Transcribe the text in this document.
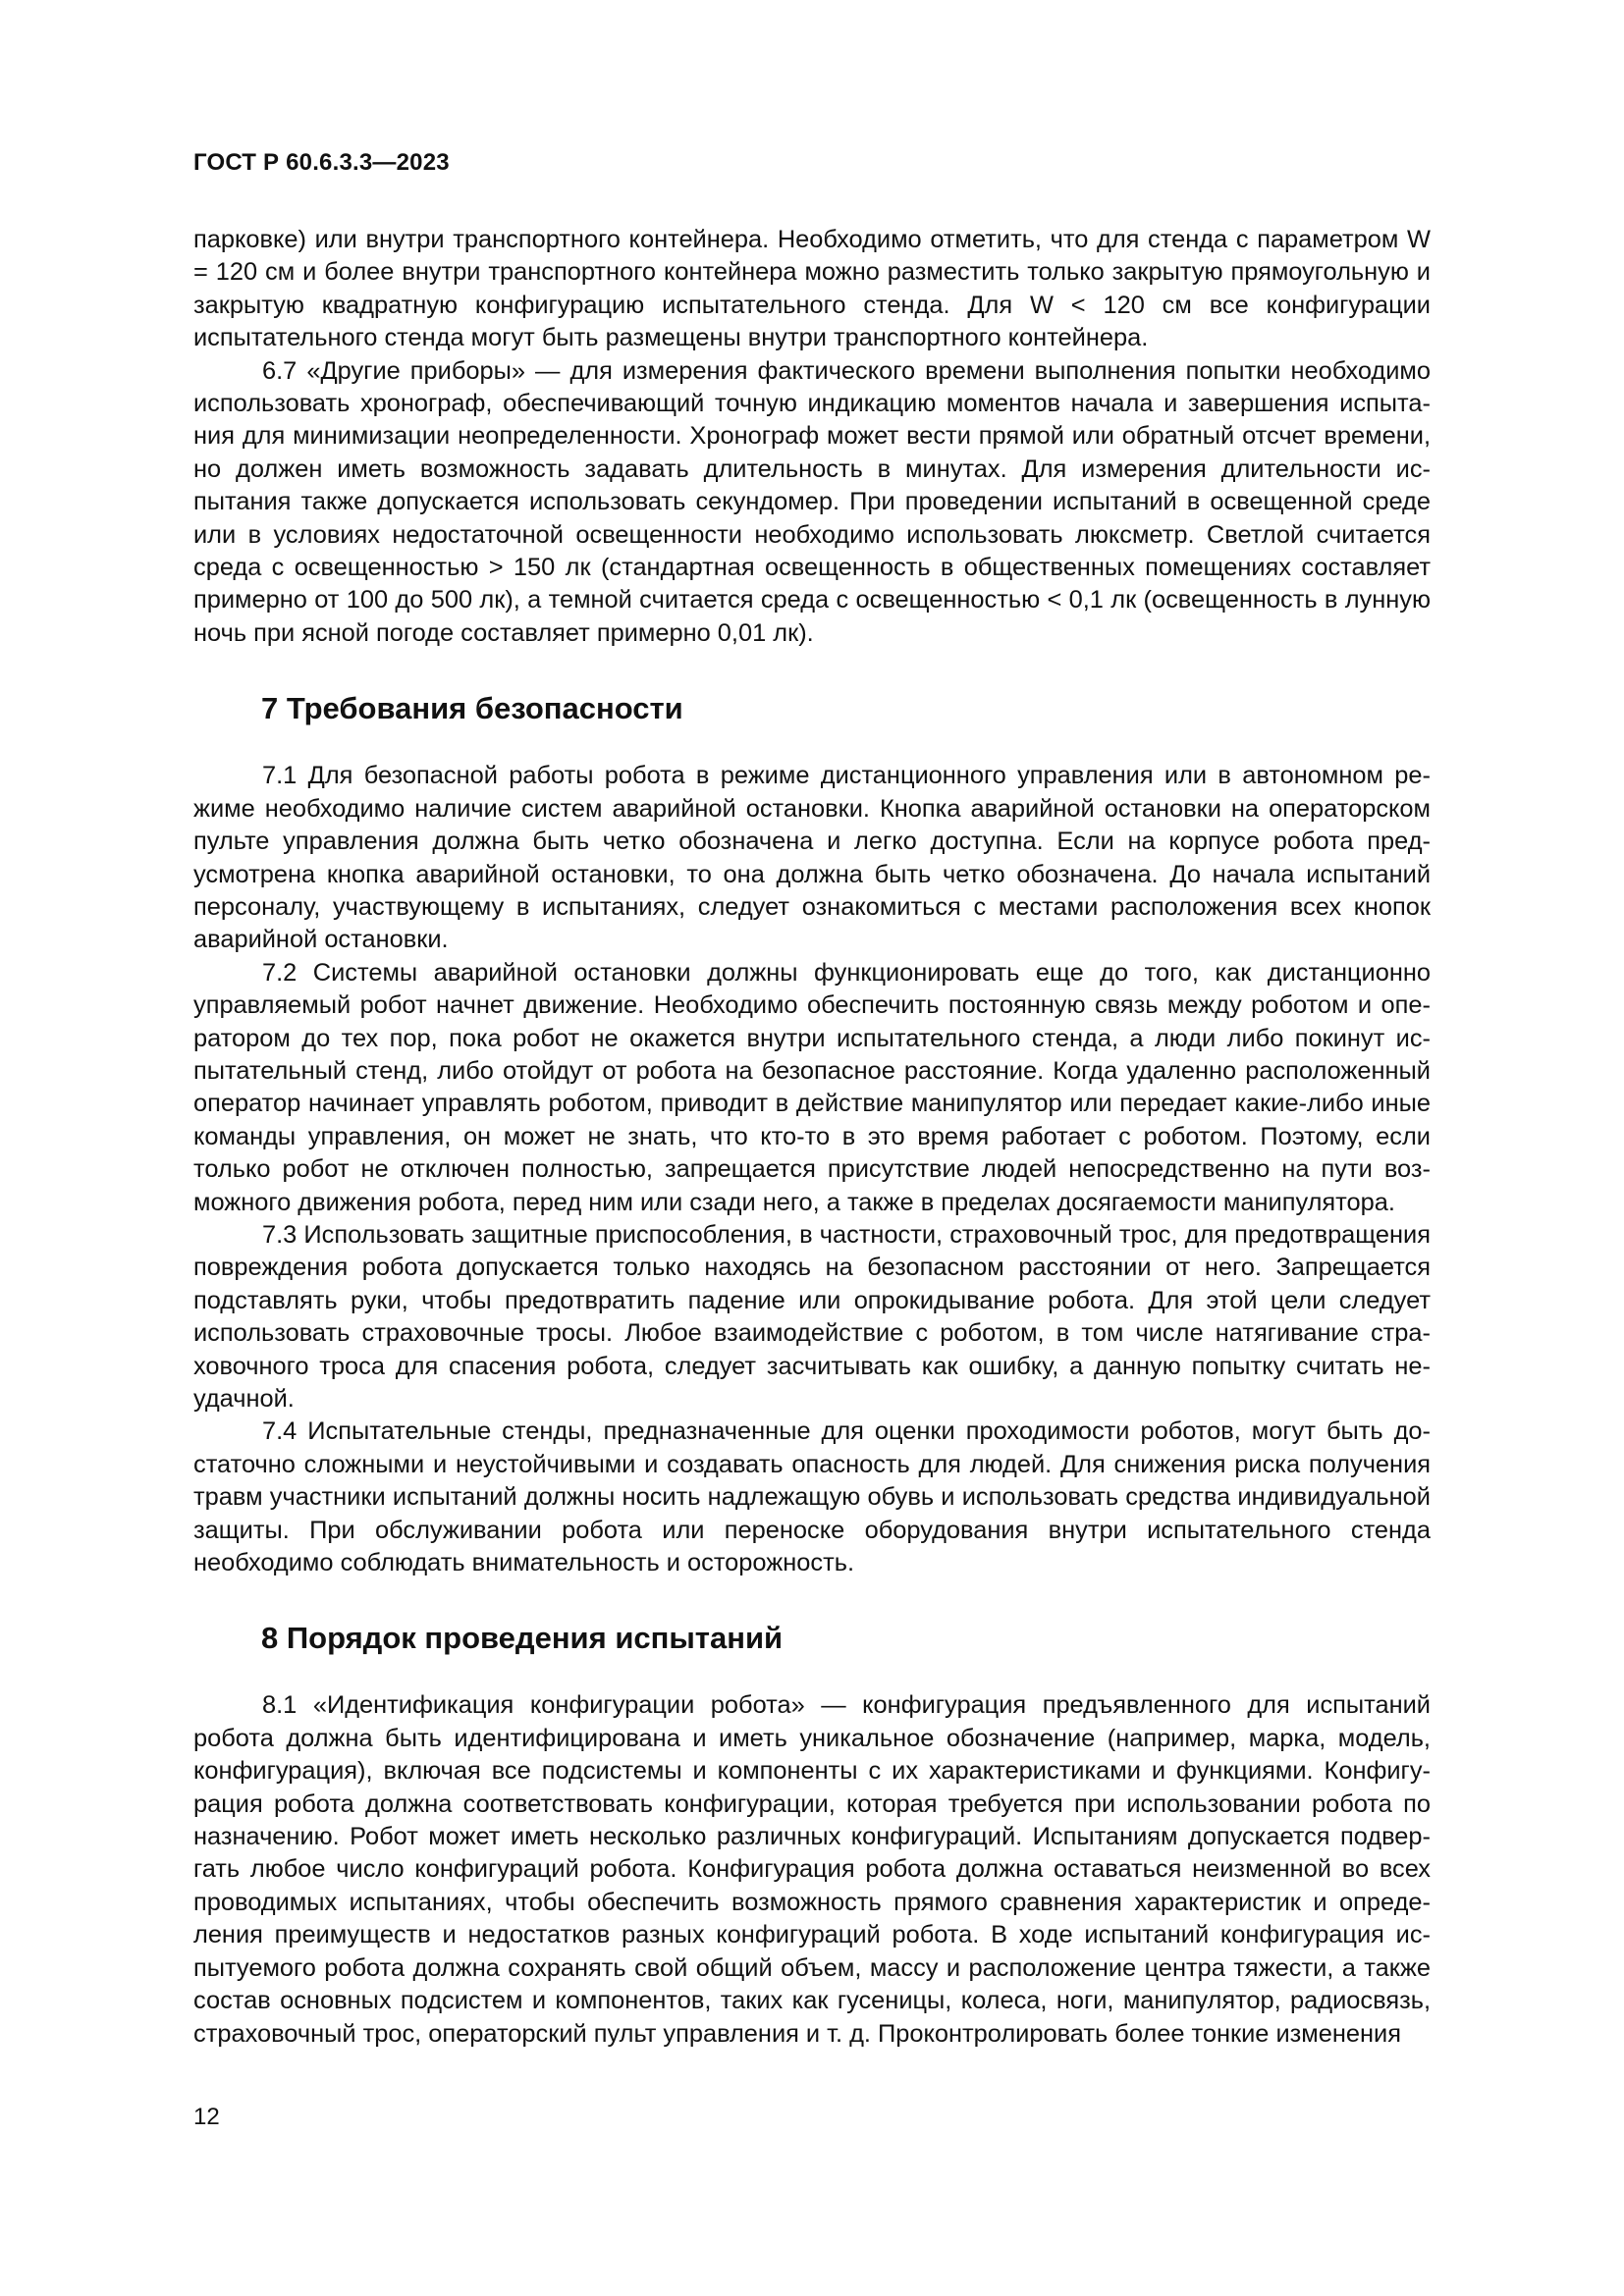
ГОСТ Р 60.6.3.3—2023

парковке) или внутри транспортного контейнера. Необходимо отметить, что для стенда с параметром W = 120 см и более внутри транспортного контейнера можно разместить только закрытую прямоугольную и закрытую квадратную конфигурацию испытательного стенда. Для W < 120 см все конфигурации испытательного стенда могут быть размещены внутри транспортного контейнера.

6.7 «Другие приборы» — для измерения фактического времени выполнения попытки необходимо использовать хронограф, обеспечивающий точную индикацию моментов начала и завершения испытания для минимизации неопределенности. Хронограф может вести прямой или обратный отсчет времени, но должен иметь возможность задавать длительность в минутах. Для измерения длительности испытания также допускается использовать секундомер. При проведении испытаний в освещенной среде или в условиях недостаточной освещенности необходимо использовать люксметр. Светлой считается среда с освещенностью > 150 лк (стандартная освещенность в общественных помещениях составляет примерно от 100 до 500 лк), а темной считается среда с освещенностью < 0,1 лк (освещенность в лунную ночь при ясной погоде составляет примерно 0,01 лк).

7 Требования безопасности

7.1 Для безопасной работы робота в режиме дистанционного управления или в автономном режиме необходимо наличие систем аварийной остановки. Кнопка аварийной остановки на операторском пульте управления должна быть четко обозначена и легко доступна. Если на корпусе робота предусмотрена кнопка аварийной остановки, то она должна быть четко обозначена. До начала испытаний персоналу, участвующему в испытаниях, следует ознакомиться с местами расположения всех кнопок аварийной остановки.

7.2 Системы аварийной остановки должны функционировать еще до того, как дистанционно управляемый робот начнет движение. Необходимо обеспечить постоянную связь между роботом и оператором до тех пор, пока робот не окажется внутри испытательного стенда, а люди либо покинут испытательный стенд, либо отойдут от робота на безопасное расстояние. Когда удаленно расположенный оператор начинает управлять роботом, приводит в действие манипулятор или передает какие-либо иные команды управления, он может не знать, что кто-то в это время работает с роботом. Поэтому, если только робот не отключен полностью, запрещается присутствие людей непосредственно на пути возможного движения робота, перед ним или сзади него, а также в пределах досягаемости манипулятора.

7.3 Использовать защитные приспособления, в частности, страховочный трос, для предотвращения повреждения робота допускается только находясь на безопасном расстоянии от него. Запрещается подставлять руки, чтобы предотвратить падение или опрокидывание робота. Для этой цели следует использовать страховочные тросы. Любое взаимодействие с роботом, в том числе натягивание страховочного троса для спасения робота, следует засчитывать как ошибку, а данную попытку считать неудачной.

7.4 Испытательные стенды, предназначенные для оценки проходимости роботов, могут быть достаточно сложными и неустойчивыми и создавать опасность для людей. Для снижения риска получения травм участники испытаний должны носить надлежащую обувь и использовать средства индивидуальной защиты. При обслуживании робота или переноске оборудования внутри испытательного стенда необходимо соблюдать внимательность и осторожность.

8 Порядок проведения испытаний

8.1 «Идентификация конфигурации робота» — конфигурация предъявленного для испытаний робота должна быть идентифицирована и иметь уникальное обозначение (например, марка, модель, конфигурация), включая все подсистемы и компоненты с их характеристиками и функциями. Конфигурация робота должна соответствовать конфигурации, которая требуется при использовании робота по назначению. Робот может иметь несколько различных конфигураций. Испытаниям допускается подвергать любое число конфигураций робота. Конфигурация робота должна оставаться неизменной во всех проводимых испытаниях, чтобы обеспечить возможность прямого сравнения характеристик и определения преимуществ и недостатков разных конфигураций робота. В ходе испытаний конфигурация испытуемого робота должна сохранять свой общий объем, массу и расположение центра тяжести, а также состав основных подсистем и компонентов, таких как гусеницы, колеса, ноги, манипулятор, радиосвязь, страховочный трос, операторский пульт управления и т. д. Проконтролировать более тонкие изменения

12
